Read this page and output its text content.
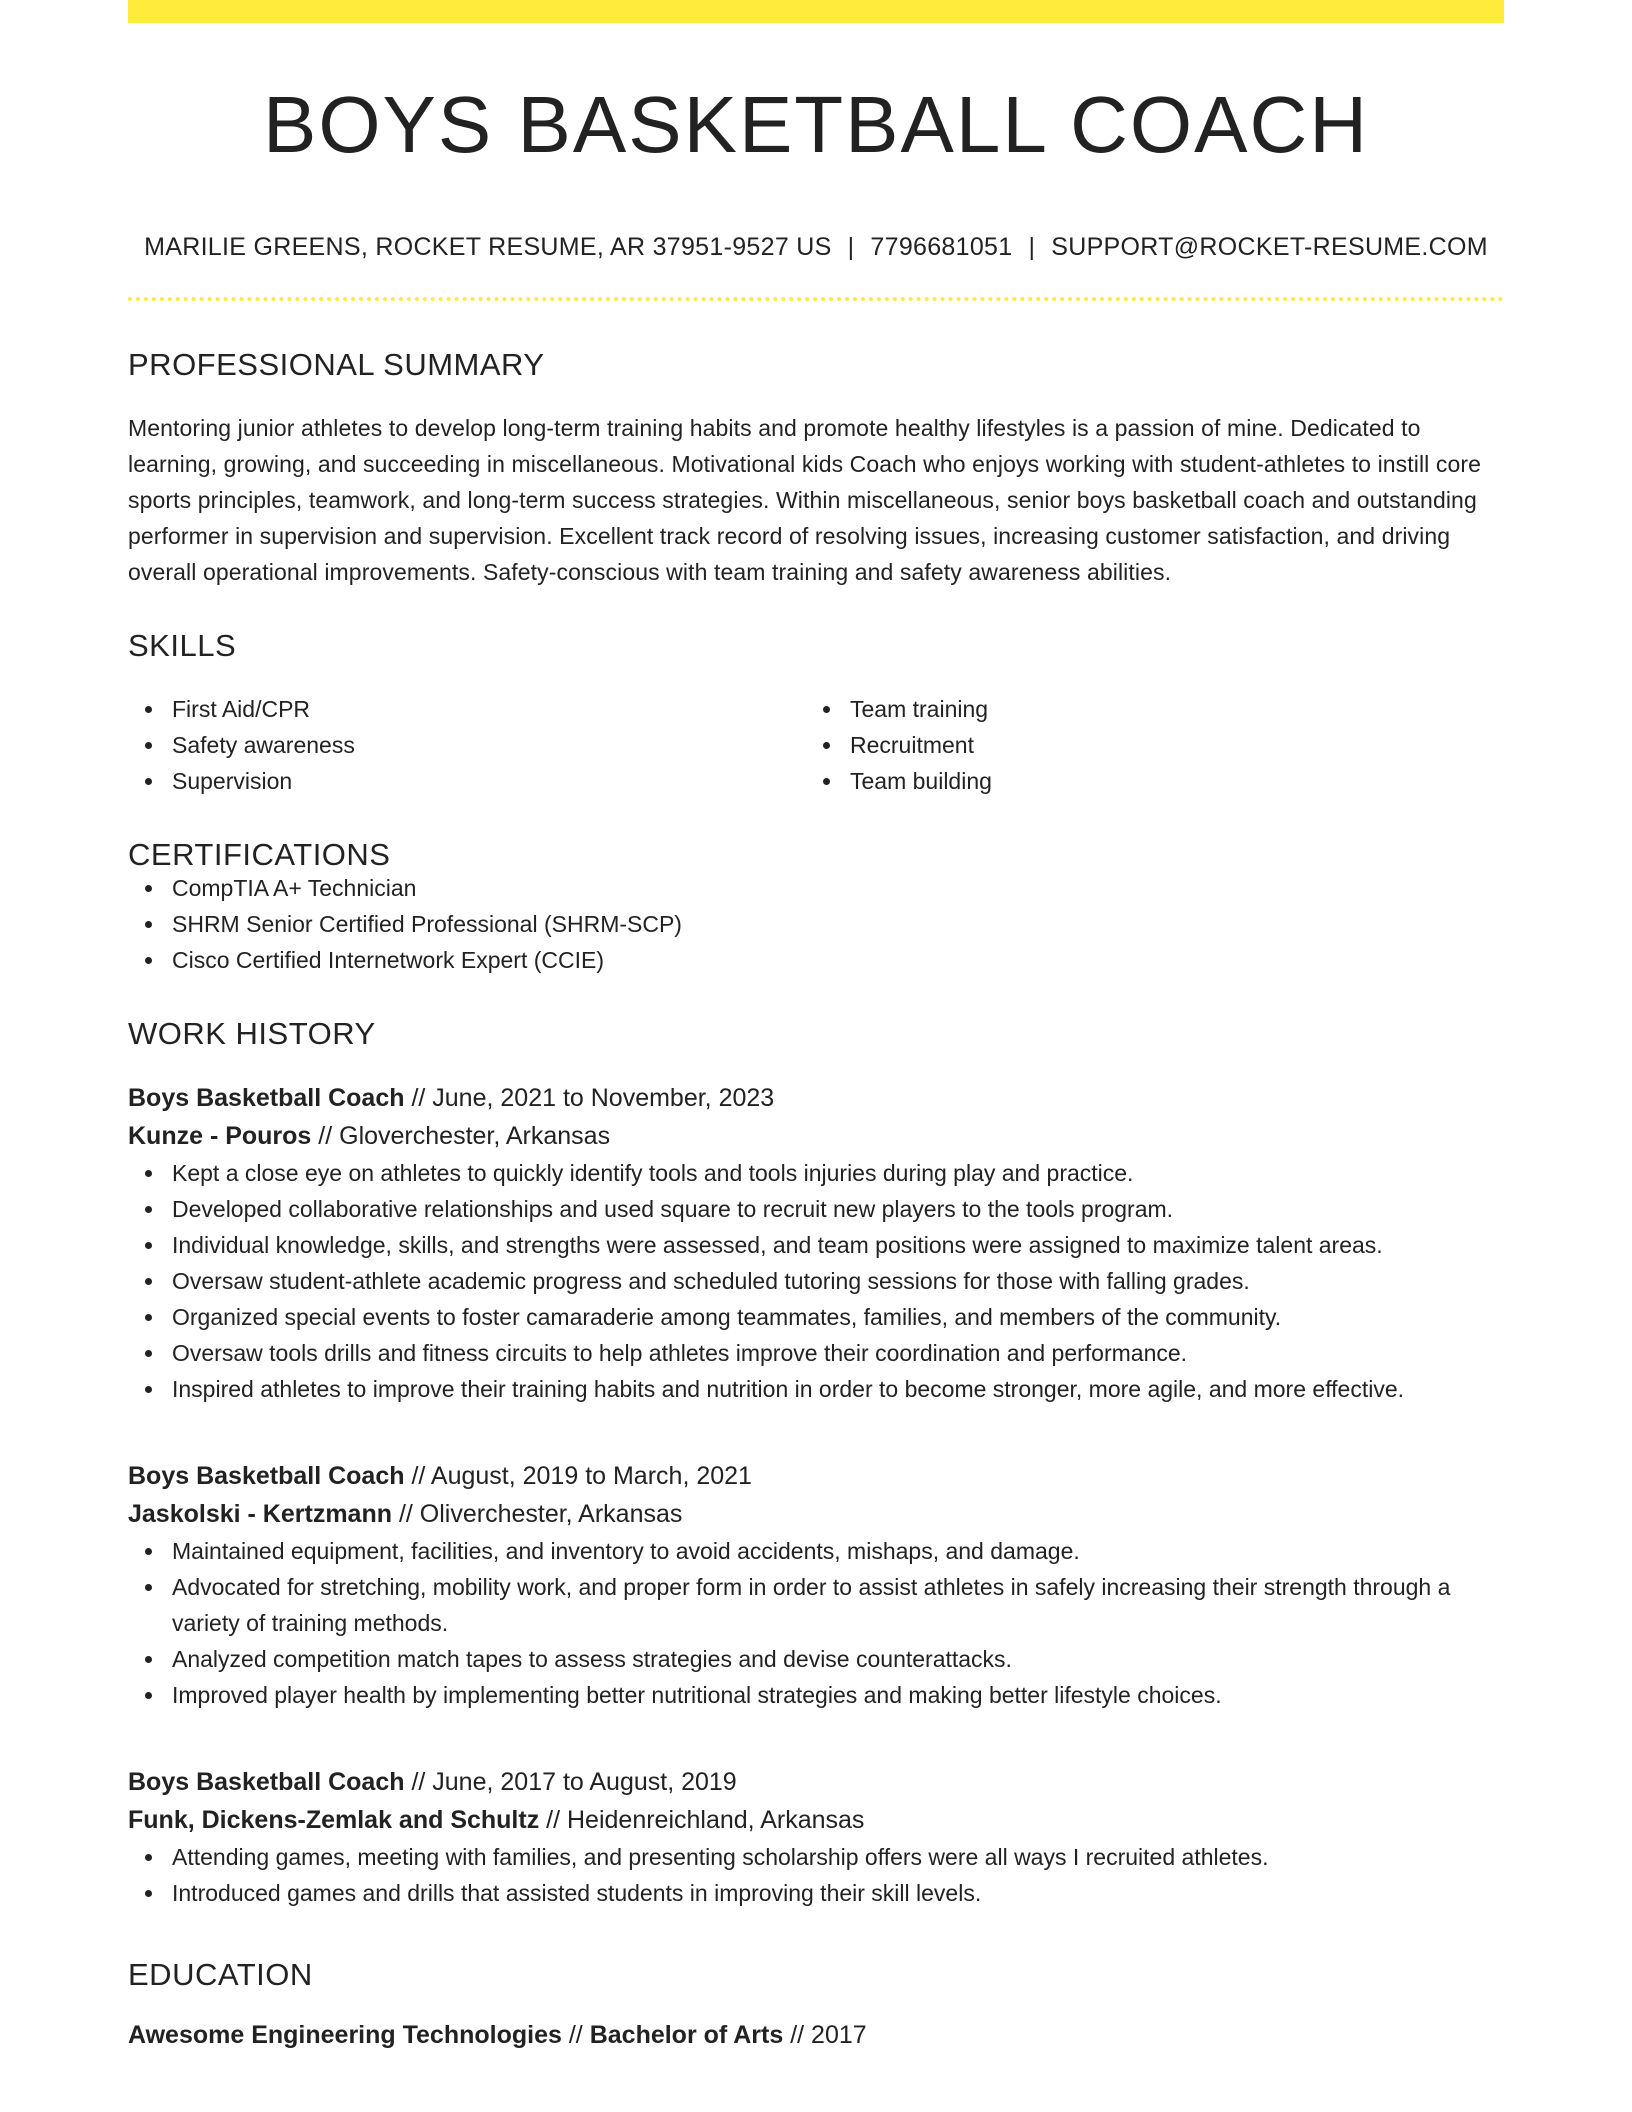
BOYS BASKETBALL COACH
MARILIE GREENS, ROCKET RESUME, AR 37951-9527 US | 7796681051 | SUPPORT@ROCKET-RESUME.COM
PROFESSIONAL SUMMARY
Mentoring junior athletes to develop long-term training habits and promote healthy lifestyles is a passion of mine. Dedicated to learning, growing, and succeeding in miscellaneous. Motivational kids Coach who enjoys working with student-athletes to instill core sports principles, teamwork, and long-term success strategies. Within miscellaneous, senior boys basketball coach and outstanding performer in supervision and supervision. Excellent track record of resolving issues, increasing customer satisfaction, and driving overall operational improvements. Safety-conscious with team training and safety awareness abilities.
SKILLS
First Aid/CPR
Safety awareness
Supervision
Team training
Recruitment
Team building
CERTIFICATIONS
CompTIA A+ Technician
SHRM Senior Certified Professional (SHRM-SCP)
Cisco Certified Internetwork Expert (CCIE)
WORK HISTORY
Boys Basketball Coach // June, 2021 to November, 2023
Kunze - Pouros // Gloverchester, Arkansas
Kept a close eye on athletes to quickly identify tools and tools injuries during play and practice.
Developed collaborative relationships and used square to recruit new players to the tools program.
Individual knowledge, skills, and strengths were assessed, and team positions were assigned to maximize talent areas.
Oversaw student-athlete academic progress and scheduled tutoring sessions for those with falling grades.
Organized special events to foster camaraderie among teammates, families, and members of the community.
Oversaw tools drills and fitness circuits to help athletes improve their coordination and performance.
Inspired athletes to improve their training habits and nutrition in order to become stronger, more agile, and more effective.
Boys Basketball Coach // August, 2019 to March, 2021
Jaskolski - Kertzmann // Oliverchester, Arkansas
Maintained equipment, facilities, and inventory to avoid accidents, mishaps, and damage.
Advocated for stretching, mobility work, and proper form in order to assist athletes in safely increasing their strength through a variety of training methods.
Analyzed competition match tapes to assess strategies and devise counterattacks.
Improved player health by implementing better nutritional strategies and making better lifestyle choices.
Boys Basketball Coach // June, 2017 to August, 2019
Funk, Dickens-Zemlak and Schultz // Heidenreichland, Arkansas
Attending games, meeting with families, and presenting scholarship offers were all ways I recruited athletes.
Introduced games and drills that assisted students in improving their skill levels.
EDUCATION
Awesome Engineering Technologies // Bachelor of Arts // 2017
